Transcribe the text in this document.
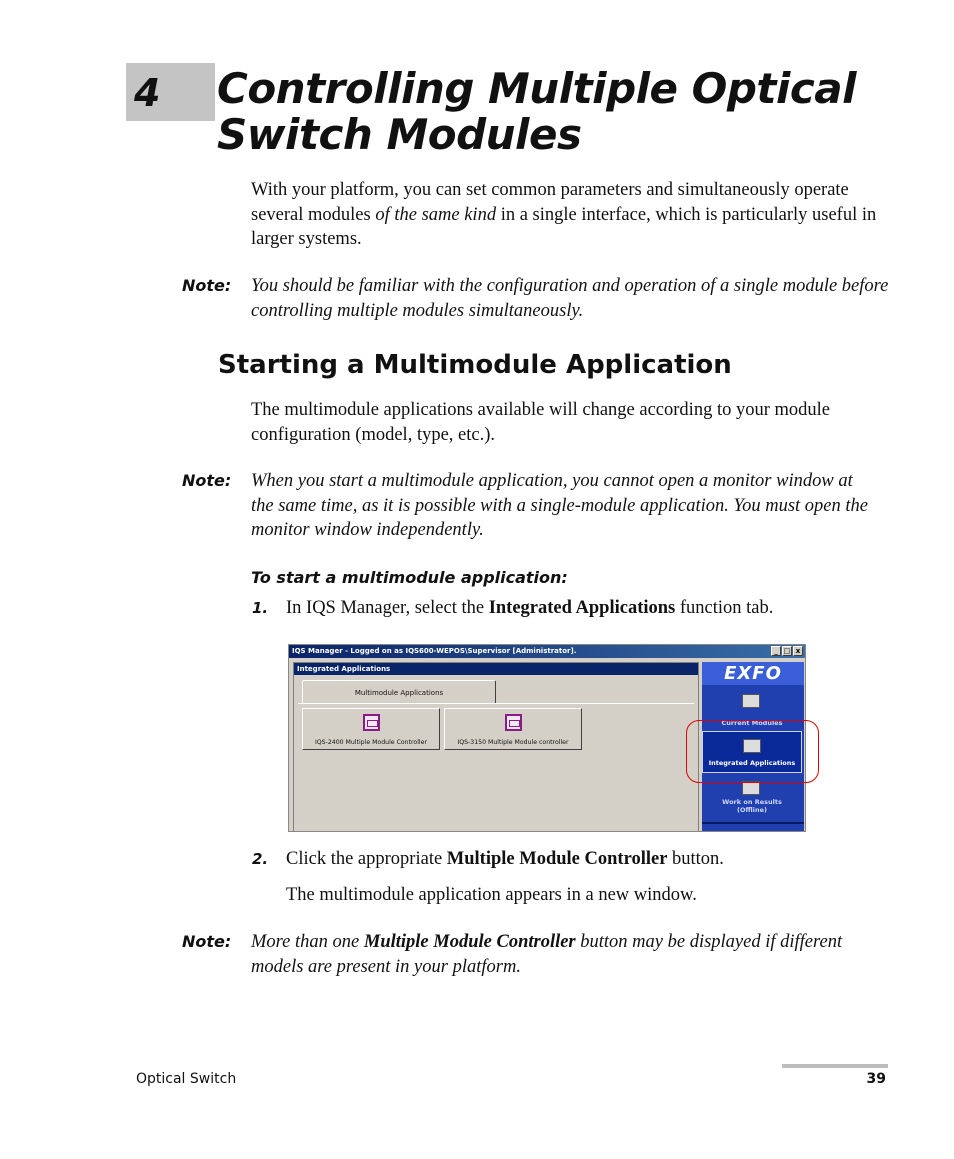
4 Controlling Multiple Optical
Switch Modules
With your platform, you can set common parameters and simultaneously operate several modules of the same kind in a single interface, which is particularly useful in larger systems.
Note: You should be familiar with the configuration and operation of a single module before controlling multiple modules simultaneously.
Starting a Multimodule Application
The multimodule applications available will change according to your module configuration (model, type, etc.).
Note: When you start a multimodule application, you cannot open a monitor window at the same time, as it is possible with a single-module application. You must open the monitor window independently.
To start a multimodule application:
1. In IQS Manager, select the Integrated Applications function tab.
IQS Manager - Logged on as IQS600-WEPOS\Supervisor [Administrator].	_ □ x
Integrated Applications
Multimodule Applications
IQS-2400 Multiple Module Controller	IQS-3150 Multiple Module controller
EXFO
Current Modules
Integrated Applications
Work on Results
(Offline)
2. Click the appropriate Multiple Module Controller button.
The multimodule application appears in a new window.
Note: More than one Multiple Module Controller button may be displayed if different models are present in your platform.
Optical Switch	39
